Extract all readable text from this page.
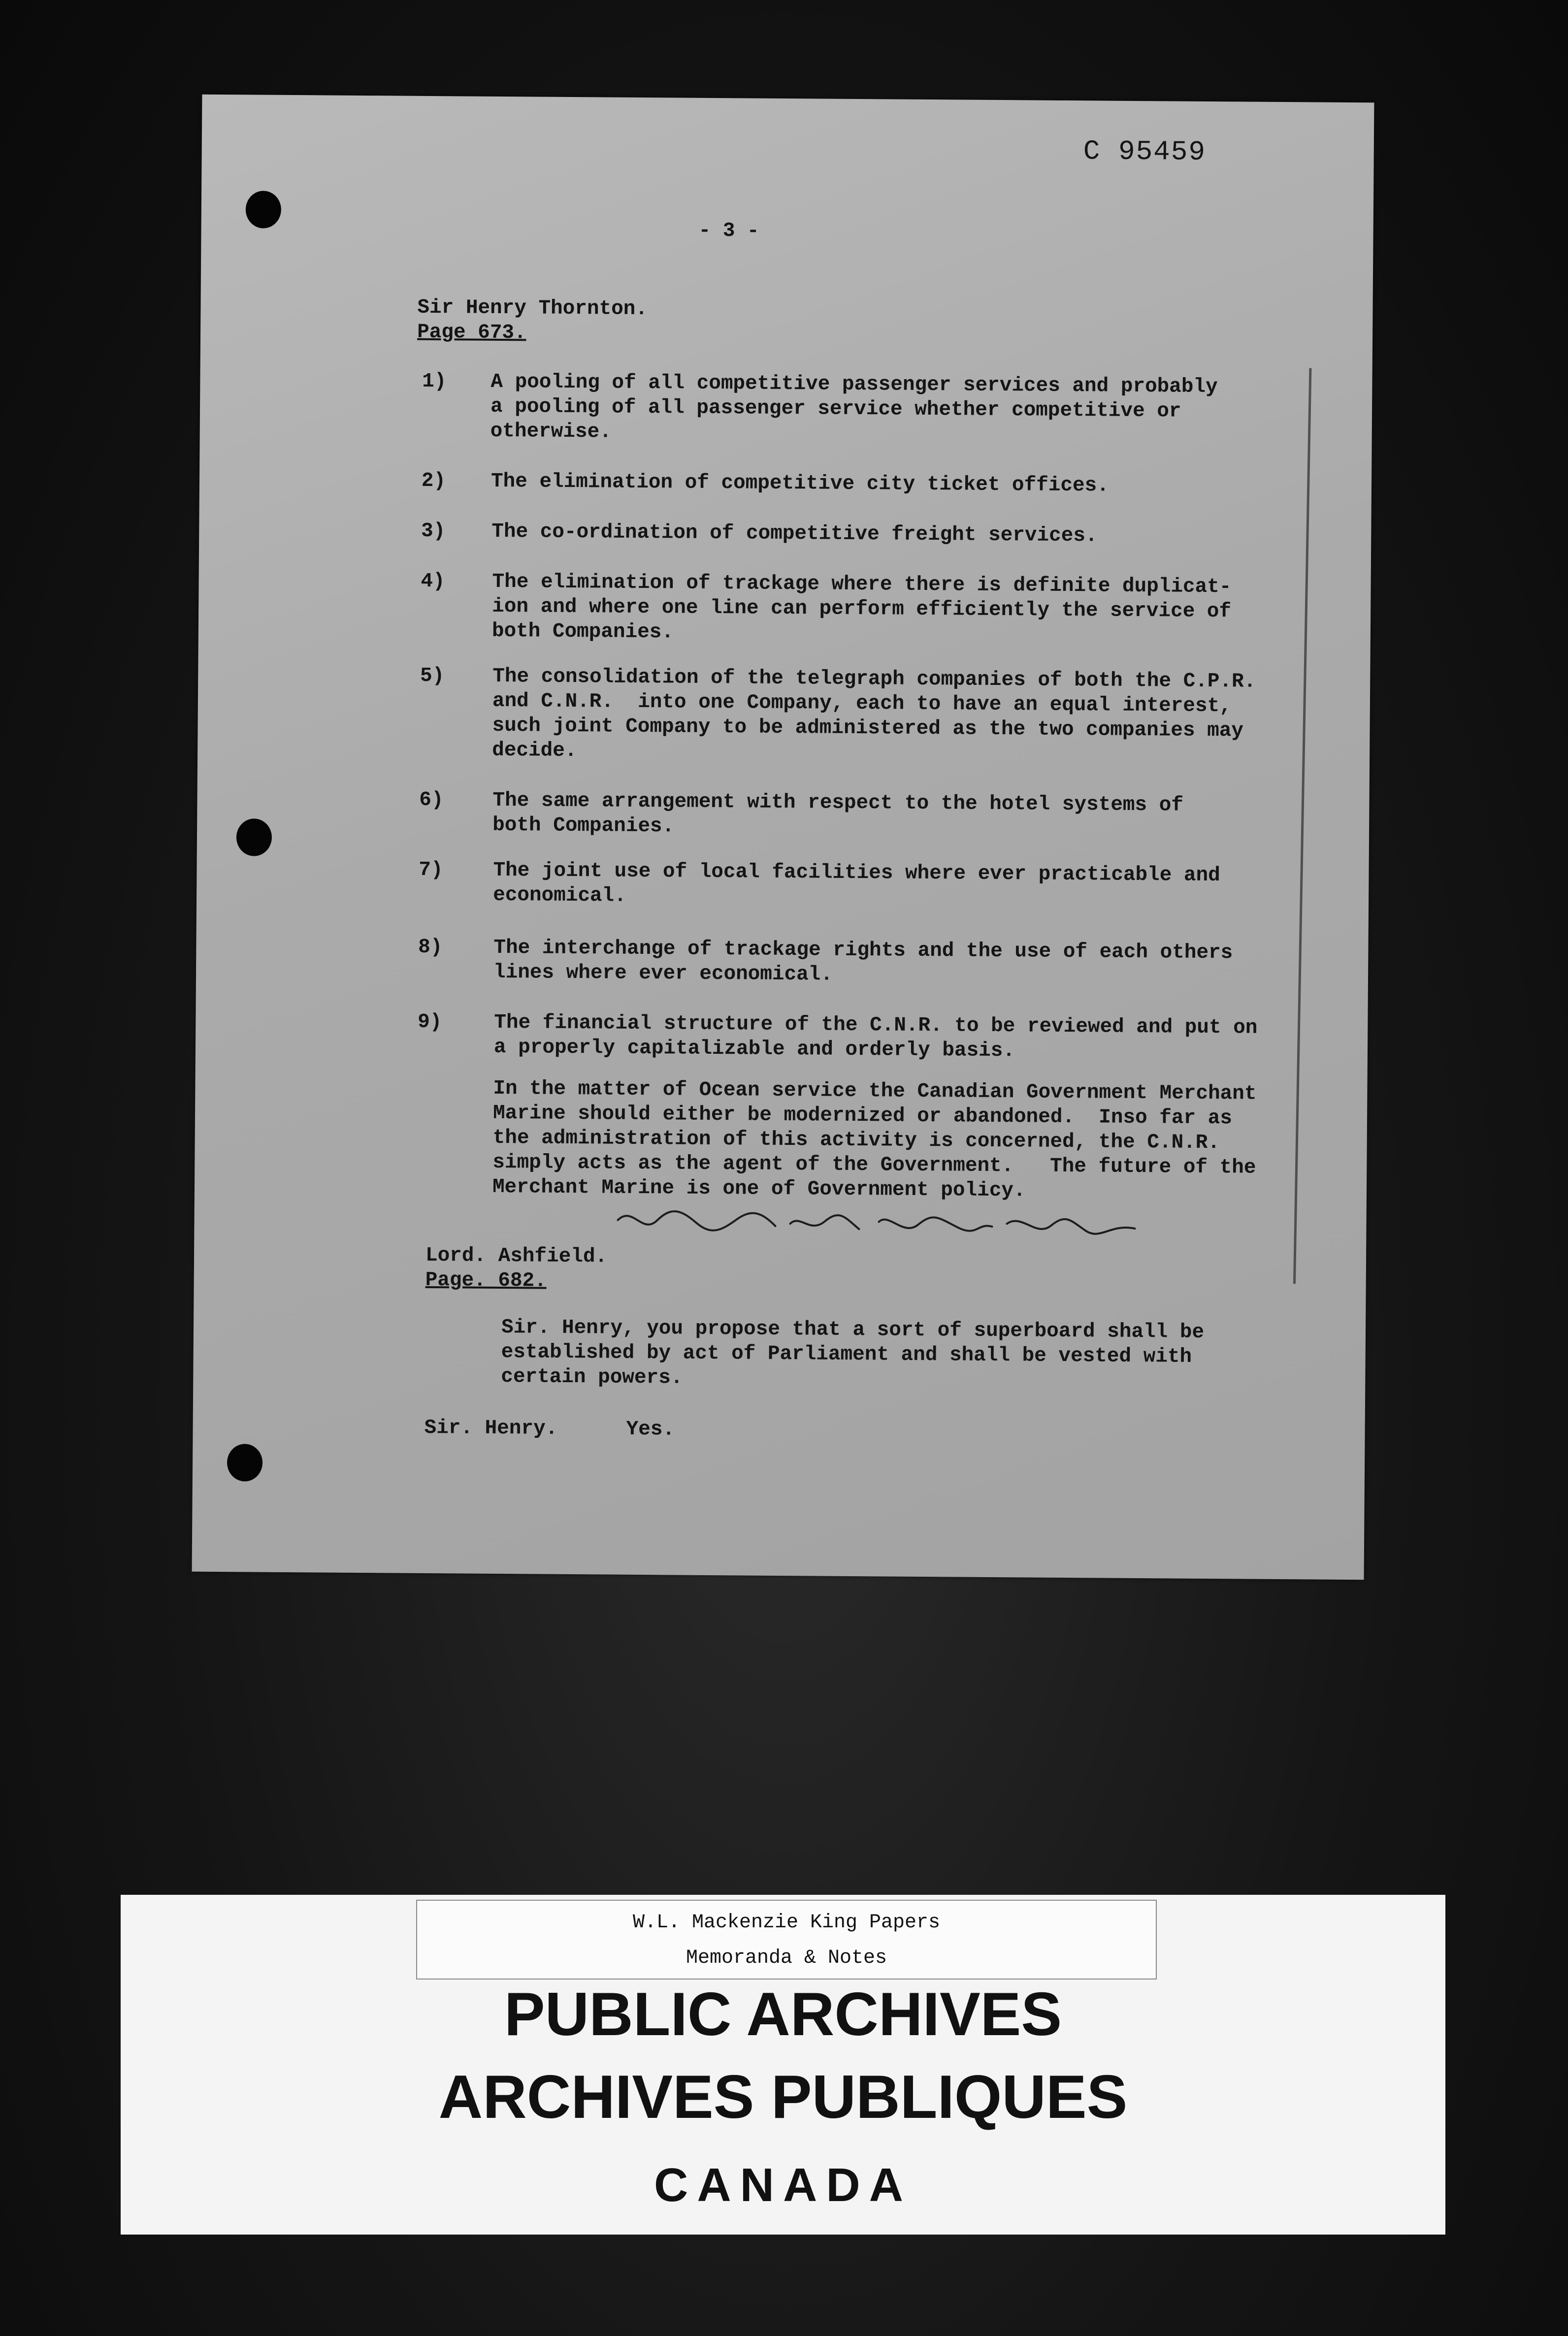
C 95459
- 3 -
Sir Henry Thornton.
Page 673.
1) A pooling of all competitive passenger services and probably
a pooling of all passenger service whether competitive or
otherwise.
2) The elimination of competitive city ticket offices.
3) The co-ordination of competitive freight services.
4) The elimination of trackage where there is definite duplicat-
ion and where one line can perform efficiently the service of
both Companies.
5) The consolidation of the telegraph companies of both the C.P.R.
and C.N.R.  into one Company, each to have an equal interest,
such joint Company to be administered as the two companies may
decide.
6) The same arrangement with respect to the hotel systems of
both Companies.
7) The joint use of local facilities where ever practicable and
economical.
8)	The interchange of trackage rights and the use of each others
lines where ever economical.
9)	The financial structure of the C.N.R. to be reviewed and put on
a properly capitalizable and orderly basis.
In the matter of Ocean service the Canadian Government Merchant
Marine should either be modernized or abandoned.  Inso far as
the administration of this activity is concerned, the C.N.R.
simply acts as the agent of the Government.   The future of the
Merchant Marine is one of Government policy.
Lord. Ashfield.
Page. 682.
Sir. Henry, you propose that a sort of superboard shall be
established by act of Parliament and shall be vested with
certain powers.
Sir. Henry.	Yes.
W.L. Mackenzie King Papers
Memoranda & Notes
PUBLIC ARCHIVES
ARCHIVES PUBLIQUES
CANADA
